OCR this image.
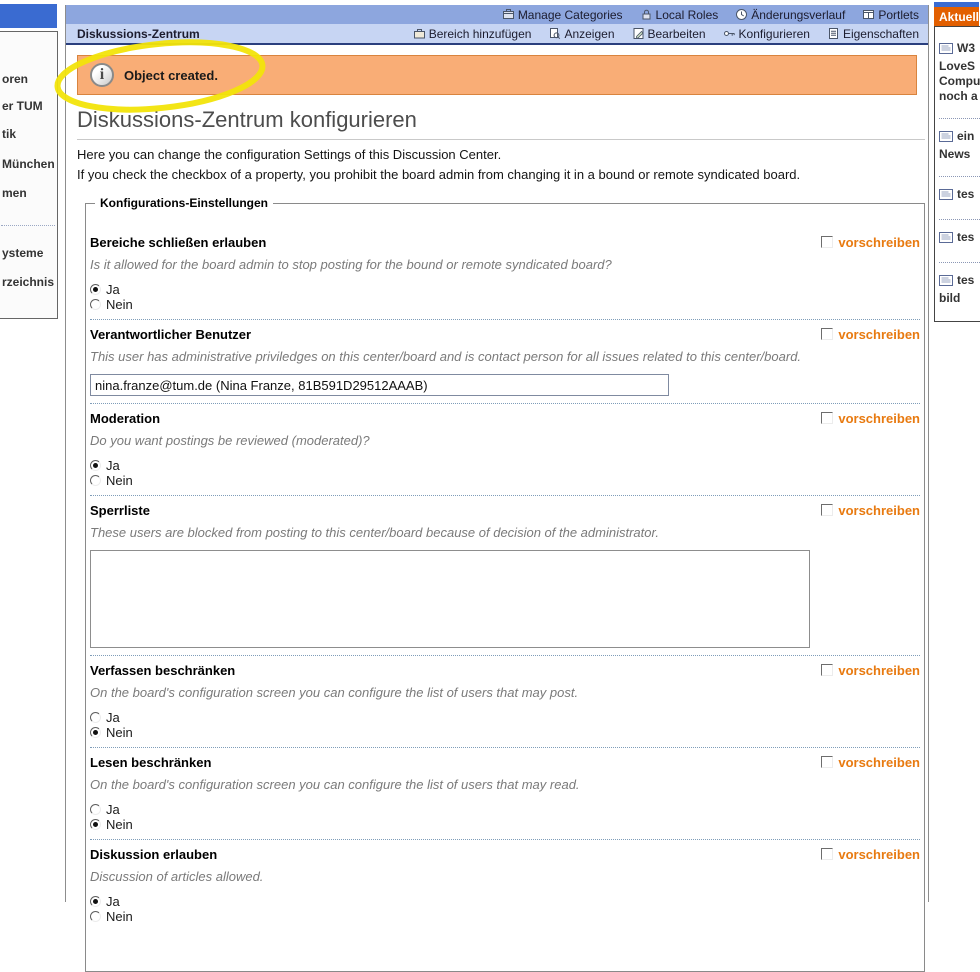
oren
er TUM
tik
München
men
ysteme
rzeichnis
Manage Categories	Local Roles	Änderungsverlauf	Portlets
Diskussions-Zentrum	Bereich hinzufügen	Anzeigen	Bearbeiten	Konfigurieren	Eigenschaften
i	Object created.
Diskussions-Zentrum konfigurieren

Here you can change the configuration Settings of this Discussion Center.

If you check the checkbox of a property, you prohibit the board admin from changing it in a bound or remote syndicated board.

Konfigurations-Einstellungen
Bereiche schließen erlauben	vorschreiben
Is it allowed for the board admin to stop posting for the bound or remote syndicated board?
Ja
Nein
Verantwortlicher Benutzer	vorschreiben
This user has administrative priviledges on this center/board and is contact person for all issues related to this center/board.
nina.franze@tum.de (Nina Franze, 81B591D29512AAAB)
Moderation	vorschreiben
Do you want postings be reviewed (moderated)?
Ja
Nein
Sperrliste	vorschreiben
These users are blocked from posting to this center/board because of decision of the administrator.
Verfassen beschränken	vorschreiben
On the board's configuration screen you can configure the list of users that may post.
Ja
Nein
Lesen beschränken	vorschreiben
On the board's configuration screen you can configure the list of users that may read.
Ja
Nein
Diskussion erlauben	vorschreiben
Discussion of articles allowed.
Ja
Nein
Aktuell
W3
LoveS
Compu
noch a
ein
News
tes
tes
tes
bild
